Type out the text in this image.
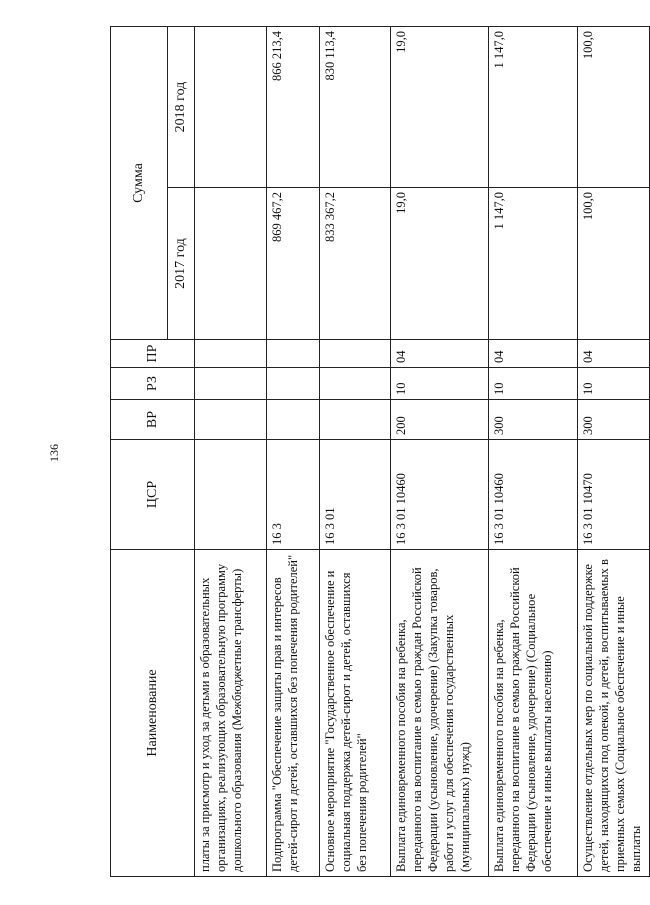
136
Наименование	ЦСР	ВР	РЗ	ПР	Сумма	
					2017 год	2018 год
платы за присмотр и уход за детьми в образовательных организациях, реализующих образовательную программу дошкольного образования (Межбюджетные трансферты)						
Подпрограмма "Обеспечение защиты прав и интересов детей-сирот и детей, оставшихся без попечения родителей"	16 3				869 467,2	866 213,4
Основное мероприятие "Государственное обеспечение и социальная поддержка детей-сирот и детей, оставшихся без попечения родителей"	16 3 01				833 367,2	830 113,4
Выплата единовременного пособия на ребенка, переданного на воспитание в семью граждан Российской Федерации (усыновление, удочерение) (Закупка товаров, работ и услуг для обеспечения государственных (муниципальных) нужд)	16 3 01 10460	200	10	04	19,0	19,0
Выплата единовременного пособия на ребенка, переданного на воспитание в семью граждан Российской Федерации (усыновление, удочерение) (Социальное обеспечение и иные выплаты населению)	16 3 01 10460	300	10	04	1 147,0	1 147,0
Осуществление отдельных мер по социальной поддержке детей, находящихся под опекой, и детей, воспитываемых в приемных семьях (Социальное обеспечение и иные выплаты	16 3 01 10470	300	10	04	100,0	100,0
